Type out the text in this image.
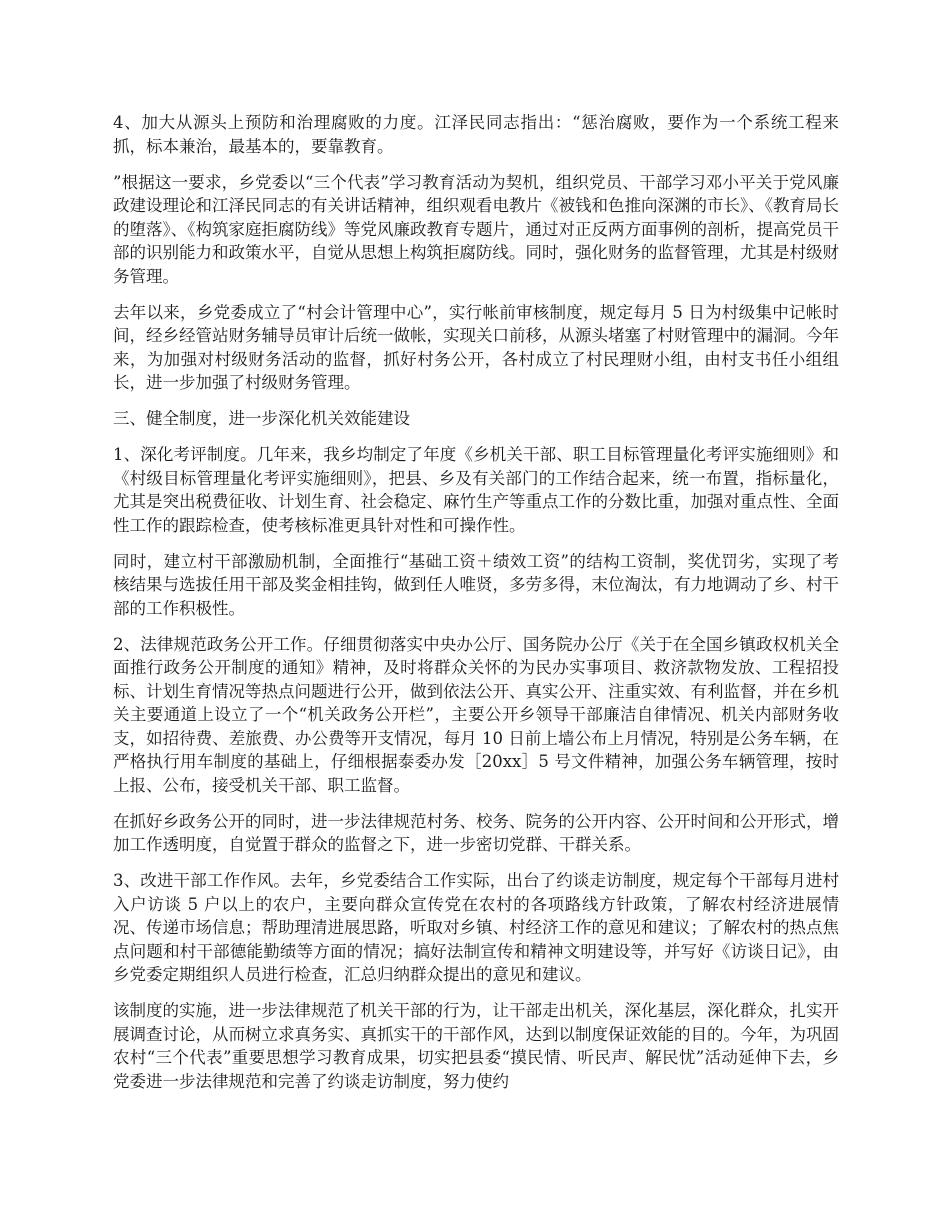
4、加大从源头上预防和治理腐败的力度。江泽民同志指出：“惩治腐败，要作为一个系统工程来抓，标本兼治，最基本的，要靠教育。

”根据这一要求，乡党委以“三个代表”学习教育活动为契机，组织党员、干部学习邓小平关于党风廉政建设理论和江泽民同志的有关讲话精神，组织观看电教片《被钱和色推向深渊的市长》、《教育局长的堕落》、《构筑家庭拒腐防线》等党风廉政教育专题片，通过对正反两方面事例的剖析，提高党员干部的识别能力和政策水平，自觉从思想上构筑拒腐防线。同时，强化财务的监督管理，尤其是村级财务管理。

去年以来，乡党委成立了“村会计管理中心”，实行帐前审核制度，规定每月 5 日为村级集中记帐时间，经乡经管站财务辅导员审计后统一做帐，实现关口前移，从源头堵塞了村财管理中的漏洞。今年来，为加强对村级财务活动的监督，抓好村务公开，各村成立了村民理财小组，由村支书任小组组长，进一步加强了村级财务管理。

三、健全制度，进一步深化机关效能建设

1、深化考评制度。几年来，我乡均制定了年度《乡机关干部、职工目标管理量化考评实施细则》和《村级目标管理量化考评实施细则》，把县、乡及有关部门的工作结合起来，统一布置，指标量化，尤其是突出税费征收、计划生育、社会稳定、麻竹生产等重点工作的分数比重，加强对重点性、全面性工作的跟踪检查，使考核标准更具针对性和可操作性。

同时，建立村干部激励机制，全面推行“基础工资＋绩效工资”的结构工资制，奖优罚劣，实现了考核结果与选拔任用干部及奖金相挂钩，做到任人唯贤，多劳多得，末位淘汰，有力地调动了乡、村干部的工作积极性。

2、法律规范政务公开工作。仔细贯彻落实中央办公厅、国务院办公厅《关于在全国乡镇政权机关全面推行政务公开制度的通知》精神，及时将群众关怀的为民办实事项目、救济款物发放、工程招投标、计划生育情况等热点问题进行公开，做到依法公开、真实公开、注重实效、有利监督，并在乡机关主要通道上设立了一个“机关政务公开栏”，主要公开乡领导干部廉洁自律情况、机关内部财务收支，如招待费、差旅费、办公费等开支情况，每月 10 日前上墙公布上月情况，特别是公务车辆，在严格执行用车制度的基础上，仔细根据泰委办发［20xx］5 号文件精神，加强公务车辆管理，按时上报、公布，接受机关干部、职工监督。

在抓好乡政务公开的同时，进一步法律规范村务、校务、院务的公开内容、公开时间和公开形式，增加工作透明度，自觉置于群众的监督之下，进一步密切党群、干群关系。

3、改进干部工作作风。去年，乡党委结合工作实际，出台了约谈走访制度，规定每个干部每月进村入户访谈 5 户以上的农户，主要向群众宣传党在农村的各项路线方针政策，了解农村经济进展情况、传递市场信息；帮助理清进展思路，听取对乡镇、村经济工作的意见和建议；了解农村的热点焦点问题和村干部德能勤绩等方面的情况；搞好法制宣传和精神文明建设等，并写好《访谈日记》，由乡党委定期组织人员进行检查，汇总归纳群众提出的意见和建议。

该制度的实施，进一步法律规范了机关干部的行为，让干部走出机关，深化基层，深化群众，扎实开展调查讨论，从而树立求真务实、真抓实干的干部作风，达到以制度保证效能的目的。今年，为巩固农村“三个代表”重要思想学习教育成果，切实把县委“摸民情、听民声、解民忧”活动延伸下去，乡党委进一步法律规范和完善了约谈走访制度，努力使约
